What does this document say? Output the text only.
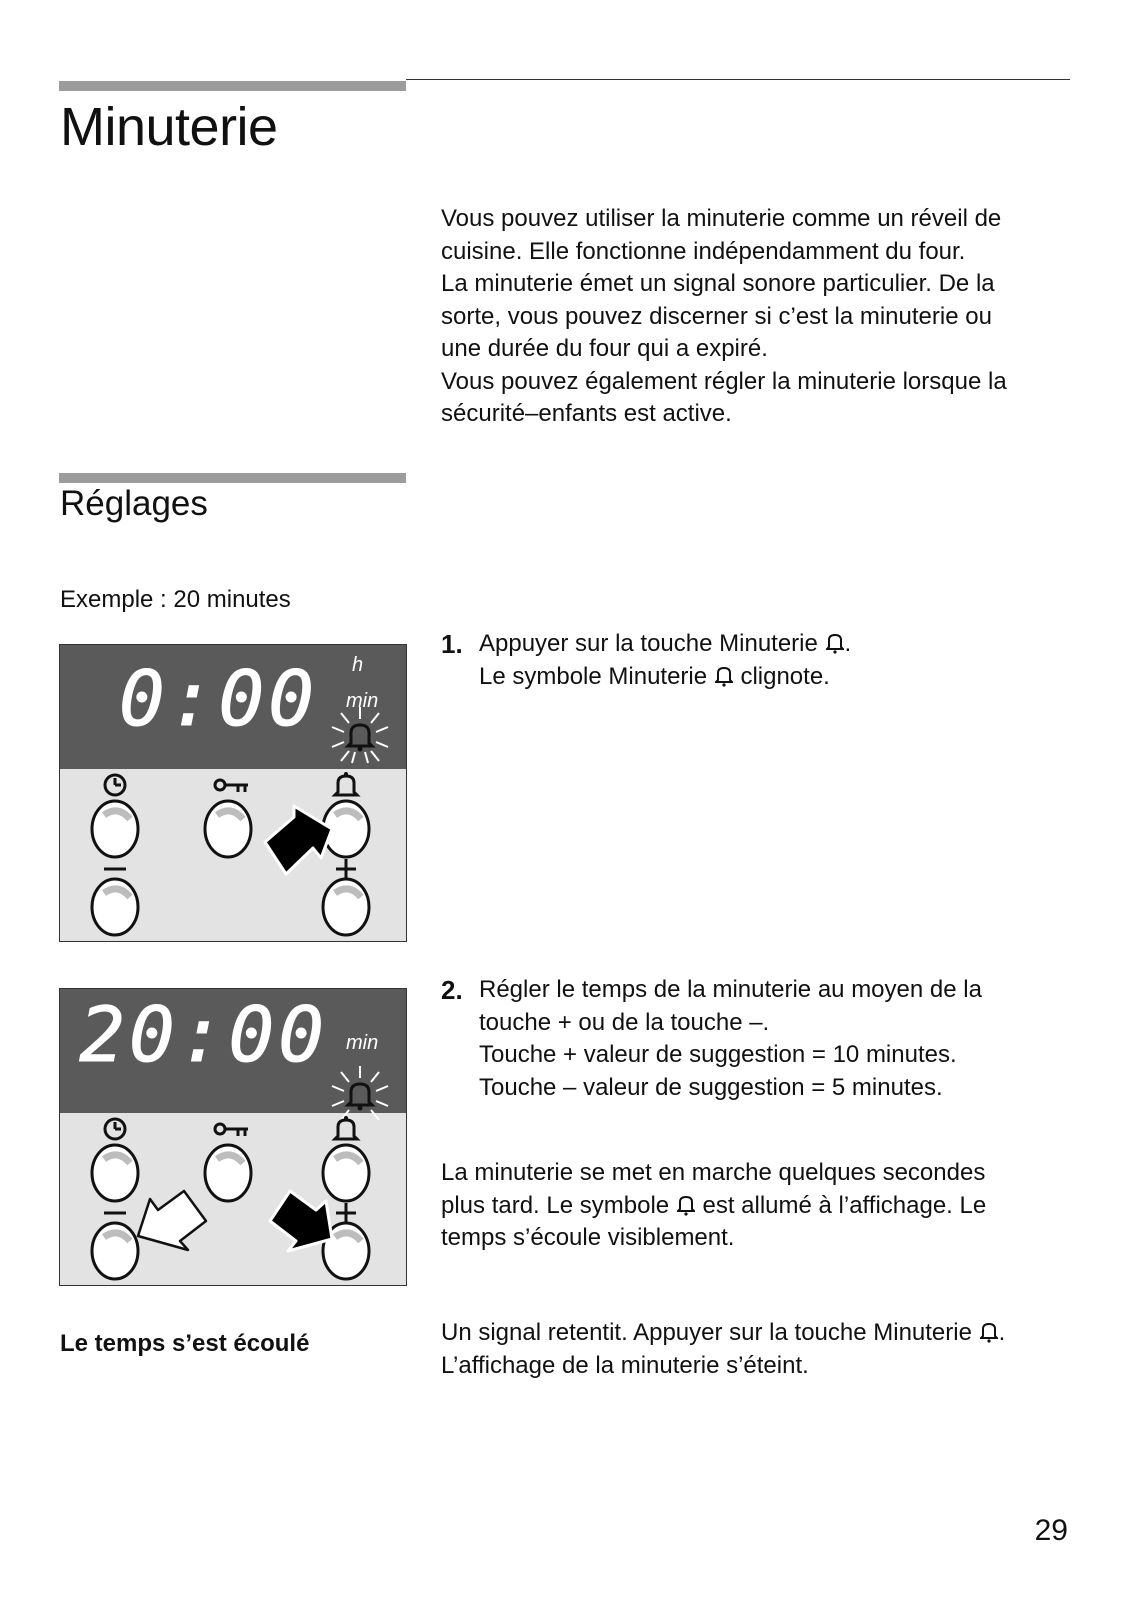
Minuterie

Vous pouvez utiliser la minuterie comme un réveil de
cuisine. Elle fonctionne indépendamment du four.
La minuterie émet un signal sonore particulier. De la
sorte, vous pouvez discerner si c’est la minuterie ou
une durée du four qui a expiré.
Vous pouvez également régler la minuterie lorsque la
sécurité–enfants est active.

Réglages
Exemple : 20 minutes
0:00 h
min
1. Appuyer sur la touche Minuterie .
Le symbole Minuterie  clignote.
20:00 min
2. Régler le temps de la minuterie au moyen de la
touche + ou de la touche –.
Touche + valeur de suggestion = 10 minutes.
Touche – valeur de suggestion = 5 minutes.

La minuterie se met en marche quelques secondes
plus tard. Le symbole  est allumé à l’affichage. Le
temps s’écoule visiblement.

Le temps s’est écoulé	Un signal retentit. Appuyer sur la touche Minuterie .
L’affichage de la minuterie s’éteint.

29
